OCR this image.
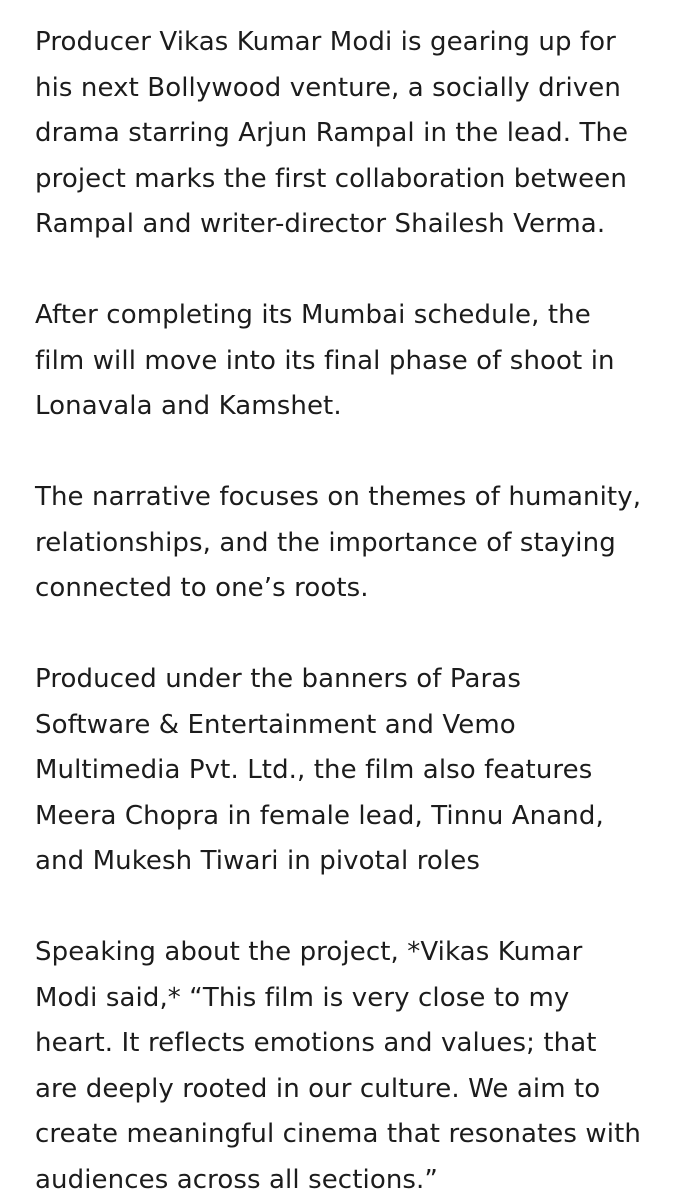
Producer Vikas Kumar Modi is gearing up for
his next Bollywood venture, a socially driven
drama starring Arjun Rampal in the lead. The
project marks the first collaboration between
Rampal and writer-director Shailesh Verma.

After completing its Mumbai schedule, the
film will move into its final phase of shoot in
Lonavala and Kamshet.

The narrative focuses on themes of humanity,
relationships, and the importance of staying
connected to one’s roots.

Produced under the banners of Paras
Software & Entertainment and Vemo
Multimedia Pvt. Ltd., the film also features
Meera Chopra in female lead, Tinnu Anand,
and Mukesh Tiwari in pivotal roles

Speaking about the project, *Vikas Kumar
Modi said,* “This film is very close to my
heart. It reflects emotions and values; that
are deeply rooted in our culture. We aim to
create meaningful cinema that resonates with
audiences across all sections.”
